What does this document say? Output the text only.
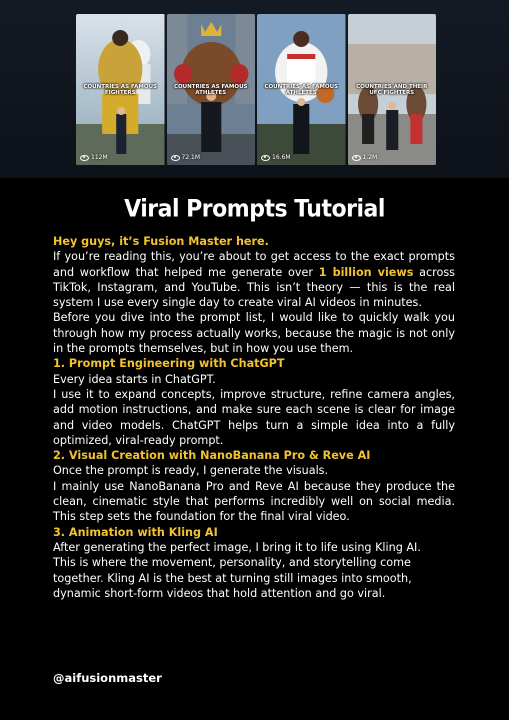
COUNTRIES AS FAMOUS FIGHTERS
112M
COUNTRIES AS FAMOUS ATHLETES
72.1M
COUNTRIES AS FAMOUS ATHLETES
16.6M
COUNTRIES AND THEIR UFC FIGHTERS
1.2M
Viral Prompts Tutorial

Hey guys, it’s Fusion Master here.

If you’re reading this, you’re about to get access to the exact prompts and workflow that helped me generate over 1 billion views across TikTok, Instagram, and YouTube. This isn’t theory — this is the real system I use every single day to create viral AI videos in minutes.

Before you dive into the prompt list, I would like to quickly walk you through how my process actually works, because the magic is not only in the prompts themselves, but in how you use them.

1. Prompt Engineering with ChatGPT

Every idea starts in ChatGPT.

I use it to expand concepts, improve structure, refine camera angles, add motion instructions, and make sure each scene is clear for image and video models. ChatGPT helps turn a simple idea into a fully optimized, viral-ready prompt.

2. Visual Creation with NanoBanana Pro & Reve AI

Once the prompt is ready, I generate the visuals.

I mainly use NanoBanana Pro and Reve AI because they produce the clean, cinematic style that performs incredibly well on social media. This step sets the foundation for the final viral video.

3. Animation with Kling AI

After generating the perfect image, I bring it to life using Kling AI.

This is where the movement, personality, and storytelling come together. Kling AI is the best at turning still images into smooth, dynamic short-form videos that hold attention and go viral.

@aifusionmaster
